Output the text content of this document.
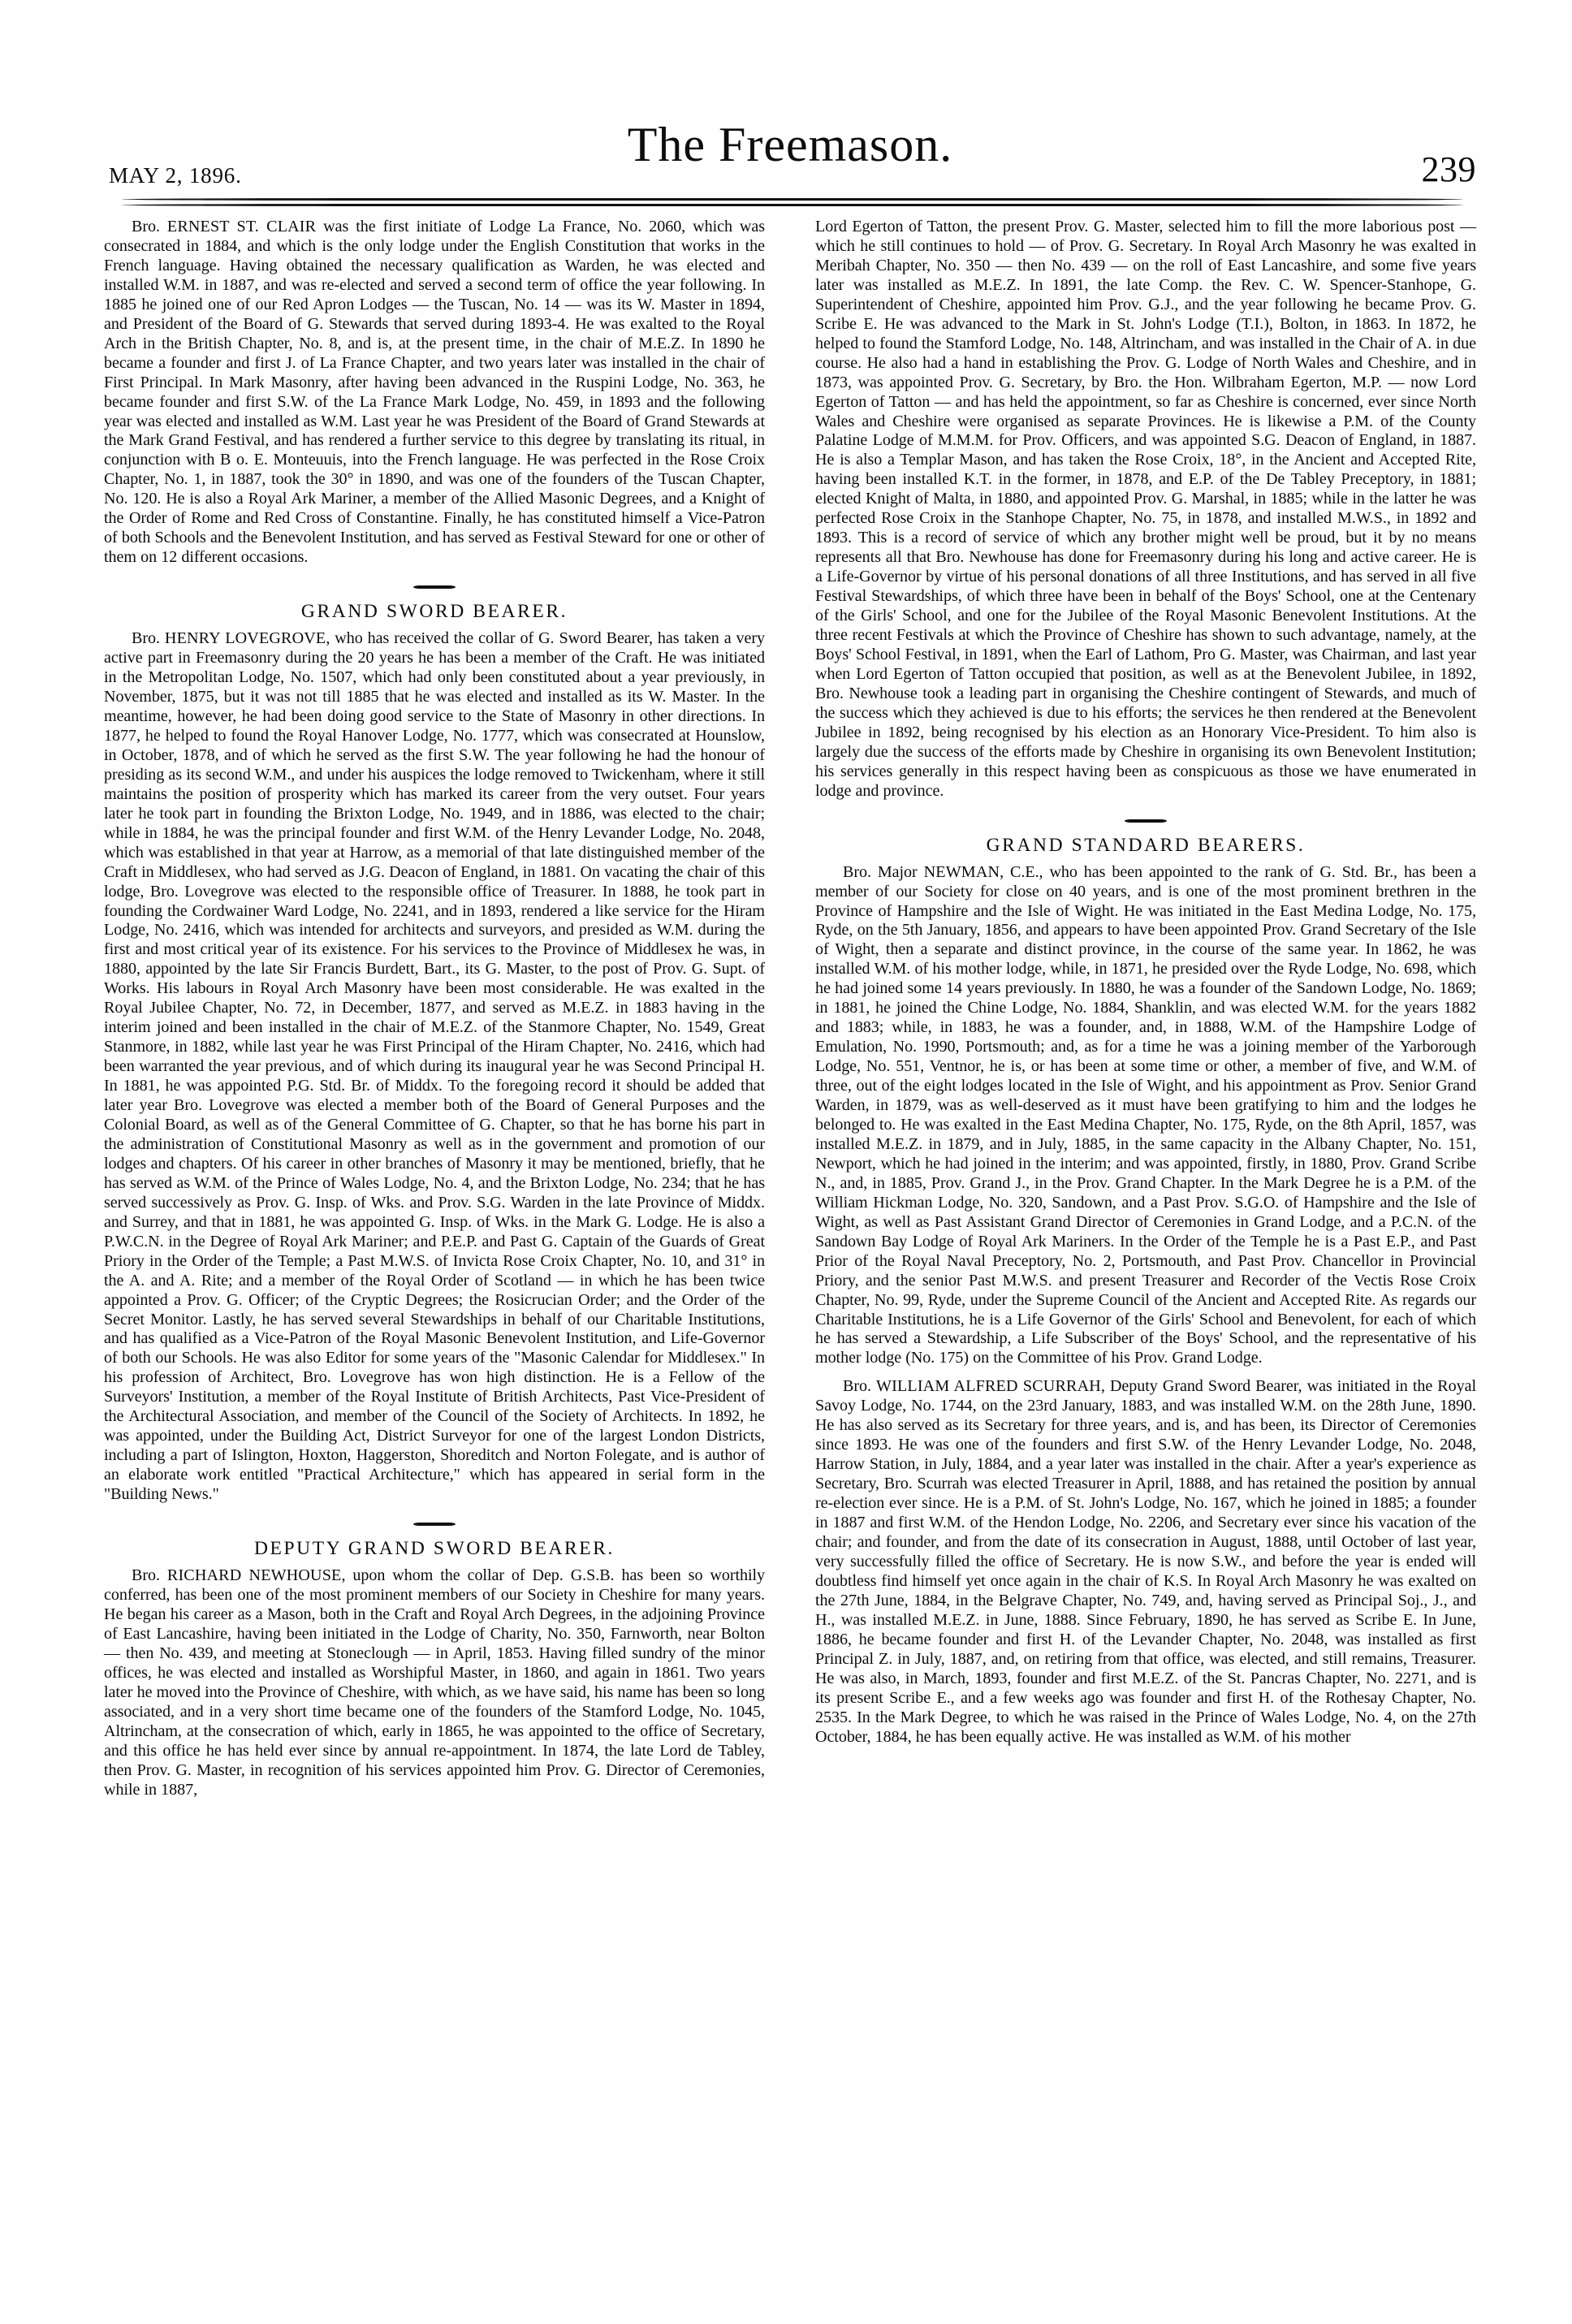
MAY 2, 1896.
The Freemason.	239

Bro. ERNEST ST. CLAIR was the first initiate of Lodge La France, No. 2060, which was consecrated in 1884, and which is the only lodge under the English Constitution that works in the French language. Having obtained the necessary qualification as Warden, he was elected and installed W.M. in 1887, and was re-elected and served a second term of office the year following. In 1885 he joined one of our Red Apron Lodges — the Tuscan, No. 14 — was its W. Master in 1894, and President of the Board of G. Stewards that served during 1893-4. He was exalted to the Royal Arch in the British Chapter, No. 8, and is, at the present time, in the chair of M.E.Z. In 1890 he became a founder and first J. of La France Chapter, and two years later was installed in the chair of First Principal. In Mark Masonry, after having been advanced in the Ruspini Lodge, No. 363, he became founder and first S.W. of the La France Mark Lodge, No. 459, in 1893 and the following year was elected and installed as W.M. Last year he was President of the Board of Grand Stewards at the Mark Grand Festival, and has rendered a further service to this degree by translating its ritual, in conjunction with B o. E. Monteuuis, into the French language. He was perfected in the Rose Croix Chapter, No. 1, in 1887, took the 30° in 1890, and was one of the founders of the Tuscan Chapter, No. 120. He is also a Royal Ark Mariner, a member of the Allied Masonic Degrees, and a Knight of the Order of Rome and Red Cross of Constantine. Finally, he has constituted himself a Vice-Patron of both Schools and the Benevolent Institution, and has served as Festival Steward for one or other of them on 12 different occasions.

GRAND SWORD BEARER.

Bro. HENRY LOVEGROVE, who has received the collar of G. Sword Bearer, has taken a very active part in Freemasonry during the 20 years he has been a member of the Craft. He was initiated in the Metropolitan Lodge, No. 1507, which had only been constituted about a year previously, in November, 1875, but it was not till 1885 that he was elected and installed as its W. Master. In the meantime, however, he had been doing good service to the State of Masonry in other directions. In 1877, he helped to found the Royal Hanover Lodge, No. 1777, which was consecrated at Hounslow, in October, 1878, and of which he served as the first S.W. The year following he had the honour of presiding as its second W.M., and under his auspices the lodge removed to Twickenham, where it still maintains the position of prosperity which has marked its career from the very outset. Four years later he took part in founding the Brixton Lodge, No. 1949, and in 1886, was elected to the chair; while in 1884, he was the principal founder and first W.M. of the Henry Levander Lodge, No. 2048, which was established in that year at Harrow, as a memorial of that late distinguished member of the Craft in Middlesex, who had served as J.G. Deacon of England, in 1881. On vacating the chair of this lodge, Bro. Lovegrove was elected to the responsible office of Treasurer. In 1888, he took part in founding the Cordwainer Ward Lodge, No. 2241, and in 1893, rendered a like service for the Hiram Lodge, No. 2416, which was intended for architects and surveyors, and presided as W.M. during the first and most critical year of its existence. For his services to the Province of Middlesex he was, in 1880, appointed by the late Sir Francis Burdett, Bart., its G. Master, to the post of Prov. G. Supt. of Works. His labours in Royal Arch Masonry have been most considerable. He was exalted in the Royal Jubilee Chapter, No. 72, in December, 1877, and served as M.E.Z. in 1883 having in the interim joined and been installed in the chair of M.E.Z. of the Stanmore Chapter, No. 1549, Great Stanmore, in 1882, while last year he was First Principal of the Hiram Chapter, No. 2416, which had been warranted the year previous, and of which during its inaugural year he was Second Principal H. In 1881, he was appointed P.G. Std. Br. of Middx. To the foregoing record it should be added that later year Bro. Lovegrove was elected a member both of the Board of General Purposes and the Colonial Board, as well as of the General Committee of G. Chapter, so that he has borne his part in the administration of Constitutional Masonry as well as in the government and promotion of our lodges and chapters. Of his career in other branches of Masonry it may be mentioned, briefly, that he has served as W.M. of the Prince of Wales Lodge, No. 4, and the Brixton Lodge, No. 234; that he has served successively as Prov. G. Insp. of Wks. and Prov. S.G. Warden in the late Province of Middx. and Surrey, and that in 1881, he was appointed G. Insp. of Wks. in the Mark G. Lodge. He is also a P.W.C.N. in the Degree of Royal Ark Mariner; and P.E.P. and Past G. Captain of the Guards of Great Priory in the Order of the Temple; a Past M.W.S. of Invicta Rose Croix Chapter, No. 10, and 31° in the A. and A. Rite; and a member of the Royal Order of Scotland — in which he has been twice appointed a Prov. G. Officer; of the Cryptic Degrees; the Rosicrucian Order; and the Order of the Secret Monitor. Lastly, he has served several Stewardships in behalf of our Charitable Institutions, and has qualified as a Vice-Patron of the Royal Masonic Benevolent Institution, and Life-Governor of both our Schools. He was also Editor for some years of the "Masonic Calendar for Middlesex." In his profession of Architect, Bro. Lovegrove has won high distinction. He is a Fellow of the Surveyors' Institution, a member of the Royal Institute of British Architects, Past Vice-President of the Architectural Association, and member of the Council of the Society of Architects. In 1892, he was appointed, under the Building Act, District Surveyor for one of the largest London Districts, including a part of Islington, Hoxton, Haggerston, Shoreditch and Norton Folegate, and is author of an elaborate work entitled "Practical Architecture," which has appeared in serial form in the "Building News."

DEPUTY GRAND SWORD BEARER.

Bro. RICHARD NEWHOUSE, upon whom the collar of Dep. G.S.B. has been so worthily conferred, has been one of the most prominent members of our Society in Cheshire for many years. He began his career as a Mason, both in the Craft and Royal Arch Degrees, in the adjoining Province of East Lancashire, having been initiated in the Lodge of Charity, No. 350, Farnworth, near Bolton — then No. 439, and meeting at Stoneclough — in April, 1853. Having filled sundry of the minor offices, he was elected and installed as Worshipful Master, in 1860, and again in 1861. Two years later he moved into the Province of Cheshire, with which, as we have said, his name has been so long associated, and in a very short time became one of the founders of the Stamford Lodge, No. 1045, Altrincham, at the consecration of which, early in 1865, he was appointed to the office of Secretary, and this office he has held ever since by annual re-appointment. In 1874, the late Lord de Tabley, then Prov. G. Master, in recognition of his services appointed him Prov. G. Director of Ceremonies, while in 1887,

Lord Egerton of Tatton, the present Prov. G. Master, selected him to fill the more laborious post — which he still continues to hold — of Prov. G. Secretary. In Royal Arch Masonry he was exalted in Meribah Chapter, No. 350 — then No. 439 — on the roll of East Lancashire, and some five years later was installed as M.E.Z. In 1891, the late Comp. the Rev. C. W. Spencer-Stanhope, G. Superintendent of Cheshire, appointed him Prov. G.J., and the year following he became Prov. G. Scribe E. He was advanced to the Mark in St. John's Lodge (T.I.), Bolton, in 1863. In 1872, he helped to found the Stamford Lodge, No. 148, Altrincham, and was installed in the Chair of A. in due course. He also had a hand in establishing the Prov. G. Lodge of North Wales and Cheshire, and in 1873, was appointed Prov. G. Secretary, by Bro. the Hon. Wilbraham Egerton, M.P. — now Lord Egerton of Tatton — and has held the appointment, so far as Cheshire is concerned, ever since North Wales and Cheshire were organised as separate Provinces. He is likewise a P.M. of the County Palatine Lodge of M.M.M. for Prov. Officers, and was appointed S.G. Deacon of England, in 1887. He is also a Templar Mason, and has taken the Rose Croix, 18°, in the Ancient and Accepted Rite, having been installed K.T. in the former, in 1878, and E.P. of the De Tabley Preceptory, in 1881; elected Knight of Malta, in 1880, and appointed Prov. G. Marshal, in 1885; while in the latter he was perfected Rose Croix in the Stanhope Chapter, No. 75, in 1878, and installed M.W.S., in 1892 and 1893. This is a record of service of which any brother might well be proud, but it by no means represents all that Bro. Newhouse has done for Freemasonry during his long and active career. He is a Life-Governor by virtue of his personal donations of all three Institutions, and has served in all five Festival Stewardships, of which three have been in behalf of the Boys' School, one at the Centenary of the Girls' School, and one for the Jubilee of the Royal Masonic Benevolent Institutions. At the three recent Festivals at which the Province of Cheshire has shown to such advantage, namely, at the Boys' School Festival, in 1891, when the Earl of Lathom, Pro G. Master, was Chairman, and last year when Lord Egerton of Tatton occupied that position, as well as at the Benevolent Jubilee, in 1892, Bro. Newhouse took a leading part in organising the Cheshire contingent of Stewards, and much of the success which they achieved is due to his efforts; the services he then rendered at the Benevolent Jubilee in 1892, being recognised by his election as an Honorary Vice-President. To him also is largely due the success of the efforts made by Cheshire in organising its own Benevolent Institution; his services generally in this respect having been as conspicuous as those we have enumerated in lodge and province.

GRAND STANDARD BEARERS.

Bro. Major NEWMAN, C.E., who has been appointed to the rank of G. Std. Br., has been a member of our Society for close on 40 years, and is one of the most prominent brethren in the Province of Hampshire and the Isle of Wight. He was initiated in the East Medina Lodge, No. 175, Ryde, on the 5th January, 1856, and appears to have been appointed Prov. Grand Secretary of the Isle of Wight, then a separate and distinct province, in the course of the same year. In 1862, he was installed W.M. of his mother lodge, while, in 1871, he presided over the Ryde Lodge, No. 698, which he had joined some 14 years previously. In 1880, he was a founder of the Sandown Lodge, No. 1869; in 1881, he joined the Chine Lodge, No. 1884, Shanklin, and was elected W.M. for the years 1882 and 1883; while, in 1883, he was a founder, and, in 1888, W.M. of the Hampshire Lodge of Emulation, No. 1990, Portsmouth; and, as for a time he was a joining member of the Yarborough Lodge, No. 551, Ventnor, he is, or has been at some time or other, a member of five, and W.M. of three, out of the eight lodges located in the Isle of Wight, and his appointment as Prov. Senior Grand Warden, in 1879, was as well-deserved as it must have been gratifying to him and the lodges he belonged to. He was exalted in the East Medina Chapter, No. 175, Ryde, on the 8th April, 1857, was installed M.E.Z. in 1879, and in July, 1885, in the same capacity in the Albany Chapter, No. 151, Newport, which he had joined in the interim; and was appointed, firstly, in 1880, Prov. Grand Scribe N., and, in 1885, Prov. Grand J., in the Prov. Grand Chapter. In the Mark Degree he is a P.M. of the William Hickman Lodge, No. 320, Sandown, and a Past Prov. S.G.O. of Hampshire and the Isle of Wight, as well as Past Assistant Grand Director of Ceremonies in Grand Lodge, and a P.C.N. of the Sandown Bay Lodge of Royal Ark Mariners. In the Order of the Temple he is a Past E.P., and Past Prior of the Royal Naval Preceptory, No. 2, Portsmouth, and Past Prov. Chancellor in Provincial Priory, and the senior Past M.W.S. and present Treasurer and Recorder of the Vectis Rose Croix Chapter, No. 99, Ryde, under the Supreme Council of the Ancient and Accepted Rite. As regards our Charitable Institutions, he is a Life Governor of the Girls' School and Benevolent, for each of which he has served a Stewardship, a Life Subscriber of the Boys' School, and the representative of his mother lodge (No. 175) on the Committee of his Prov. Grand Lodge.

Bro. WILLIAM ALFRED SCURRAH, Deputy Grand Sword Bearer, was initiated in the Royal Savoy Lodge, No. 1744, on the 23rd January, 1883, and was installed W.M. on the 28th June, 1890. He has also served as its Secretary for three years, and is, and has been, its Director of Ceremonies since 1893. He was one of the founders and first S.W. of the Henry Levander Lodge, No. 2048, Harrow Station, in July, 1884, and a year later was installed in the chair. After a year's experience as Secretary, Bro. Scurrah was elected Treasurer in April, 1888, and has retained the position by annual re-election ever since. He is a P.M. of St. John's Lodge, No. 167, which he joined in 1885; a founder in 1887 and first W.M. of the Hendon Lodge, No. 2206, and Secretary ever since his vacation of the chair; and founder, and from the date of its consecration in August, 1888, until October of last year, very successfully filled the office of Secretary. He is now S.W., and before the year is ended will doubtless find himself yet once again in the chair of K.S. In Royal Arch Masonry he was exalted on the 27th June, 1884, in the Belgrave Chapter, No. 749, and, having served as Principal Soj., J., and H., was installed M.E.Z. in June, 1888. Since February, 1890, he has served as Scribe E. In June, 1886, he became founder and first H. of the Levander Chapter, No. 2048, was installed as first Principal Z. in July, 1887, and, on retiring from that office, was elected, and still remains, Treasurer. He was also, in March, 1893, founder and first M.E.Z. of the St. Pancras Chapter, No. 2271, and is its present Scribe E., and a few weeks ago was founder and first H. of the Rothesay Chapter, No. 2535. In the Mark Degree, to which he was raised in the Prince of Wales Lodge, No. 4, on the 27th October, 1884, he has been equally active. He was installed as W.M. of his mother
